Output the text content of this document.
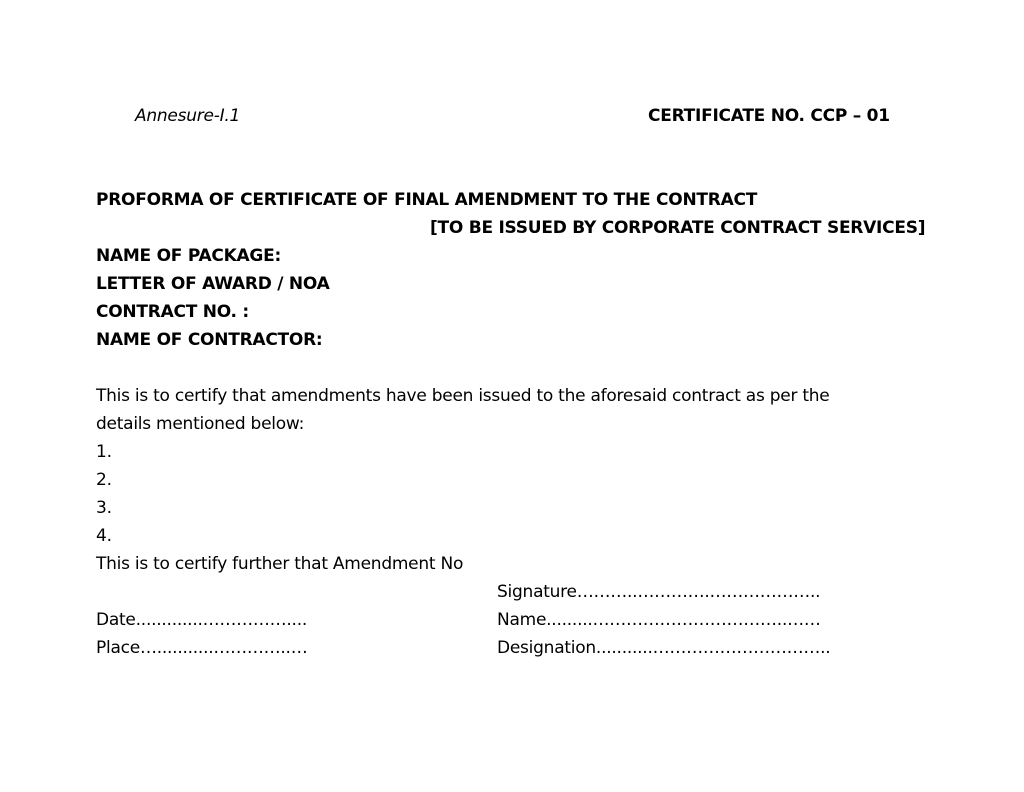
Annesure-I.1	CERTIFICATE NO. CCP – 01
PROFORMA OF CERTIFICATE OF FINAL AMENDMENT TO THE CONTRACT
[TO BE ISSUED BY CORPORATE CONTRACT SERVICES]
NAME OF PACKAGE:
LETTER OF AWARD / NOA
CONTRACT NO. :
NAME OF CONTRACTOR:
This is to certify that amendments have been issued to the aforesaid contract as per the
details mentioned below:
1.
2.
3.
4.
This is to certify further that Amendment No
Signature………..………….………………..
Date.............……………....	Name.........……………………………..……
Place…...........…………..…	Designation...........…………………………..
